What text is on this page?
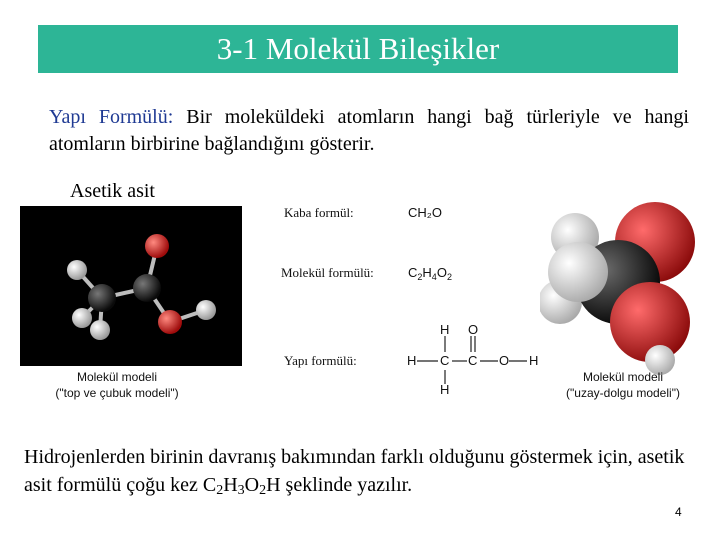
3-1 Molekül Bileşikler
Yapı Formülü: Bir moleküldeki atomların hangi bağ türleriyle ve hangi atomların birbirine bağlandığını gösterir.
Asetik asit
Molekül modeli
("top ve çubuk modeli")
Kaba formül:	CH₂O
Molekül formülü:	$C_2H_4O_2$
Yapı formülü:
H O
H C C O H
H
Molekül modeli
("uzay-dolgu modeli")
Hidrojenlerden birinin davranış bakımından farklı olduğunu göstermek için, asetik asit formülü çoğu kez $C_2H_3O_2H$ şeklinde yazılır.
4
